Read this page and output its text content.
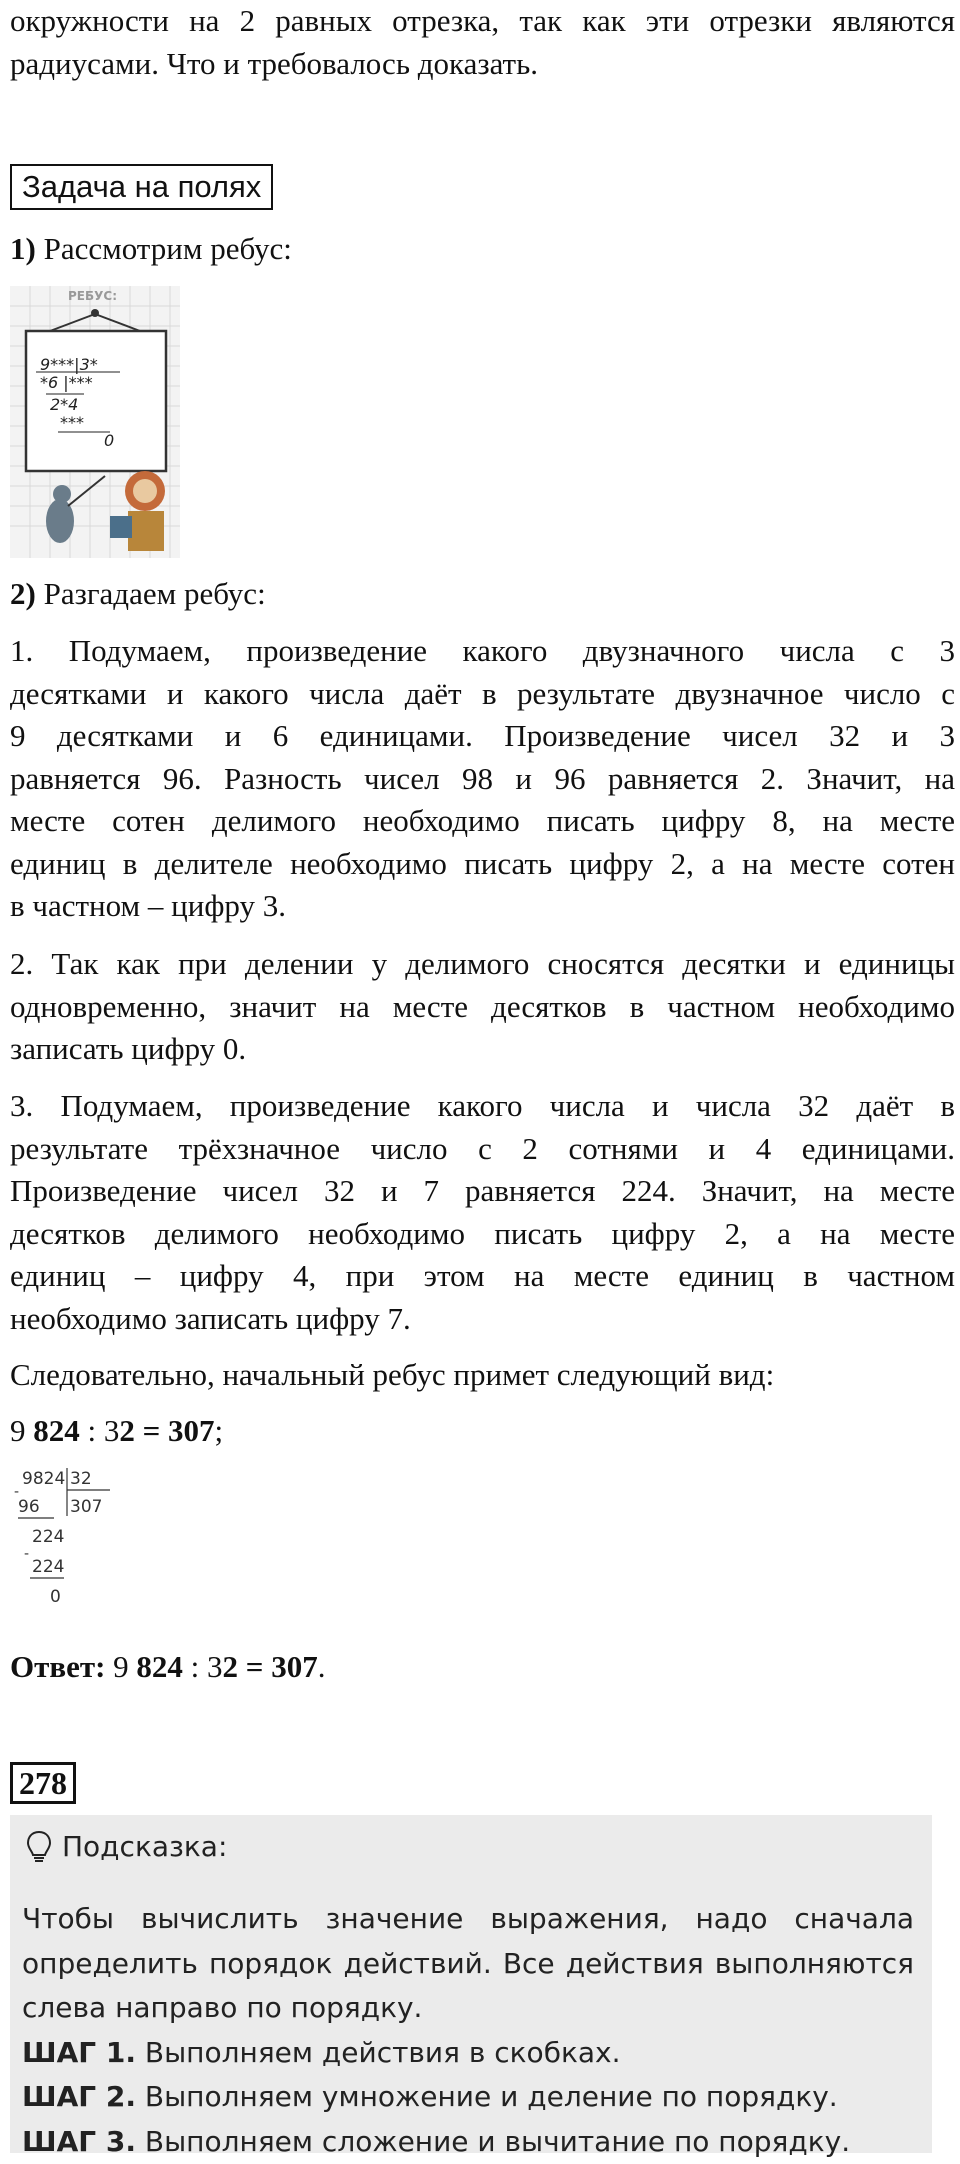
окружности на 2 равных отрезка, так как эти отрезки являются
радиусами. Что и требовалось доказать.

Задача на полях

1) Рассмотрим ребус:

РЕБУС:
9***|3*
*6 |***
2*4
***
0

2) Разгадаем ребус:

1. Подумаем, произведение какого двузначного числа с 3
десятками и какого числа даёт в результате двузначное число с
9 десятками и 6 единицами. Произведение чисел 32 и 3
равняется 96. Разность чисел 98 и 96 равняется 2. Значит, на
месте сотен делимого необходимо писать цифру 8, на месте
единиц в делителе необходимо писать цифру 2, а на месте сотен
в частном – цифру 3.

2. Так как при делении у делимого сносятся десятки и единицы
одновременно, значит на месте десятков в частном необходимо
записать цифру 0.

3. Подумаем, произведение какого числа и числа 32 даёт в
результате трёхзначное число с 2 сотнями и 4 единицами.
Произведение чисел 32 и 7 равняется 224. Значит, на месте
десятков делимого необходимо писать цифру 2, а на месте
единиц – цифру 4, при этом на месте единиц в частном
необходимо записать цифру 7.

Следовательно, начальный ребус примет следующий вид:

9 824 : 32 = 307;

9824 32
307
96
224
224
0
-
-

Ответ: 9 824 : 32 = 307.

278
Подсказка:
Чтобы вычислить значение выражения, надо сначала
определить порядок действий. Все действия выполняются
слева направо по порядку.
ШАГ 1. Выполняем действия в скобках.
ШАГ 2. Выполняем умножение и деление по порядку.
ШАГ 3. Выполняем сложение и вычитание по порядку.
